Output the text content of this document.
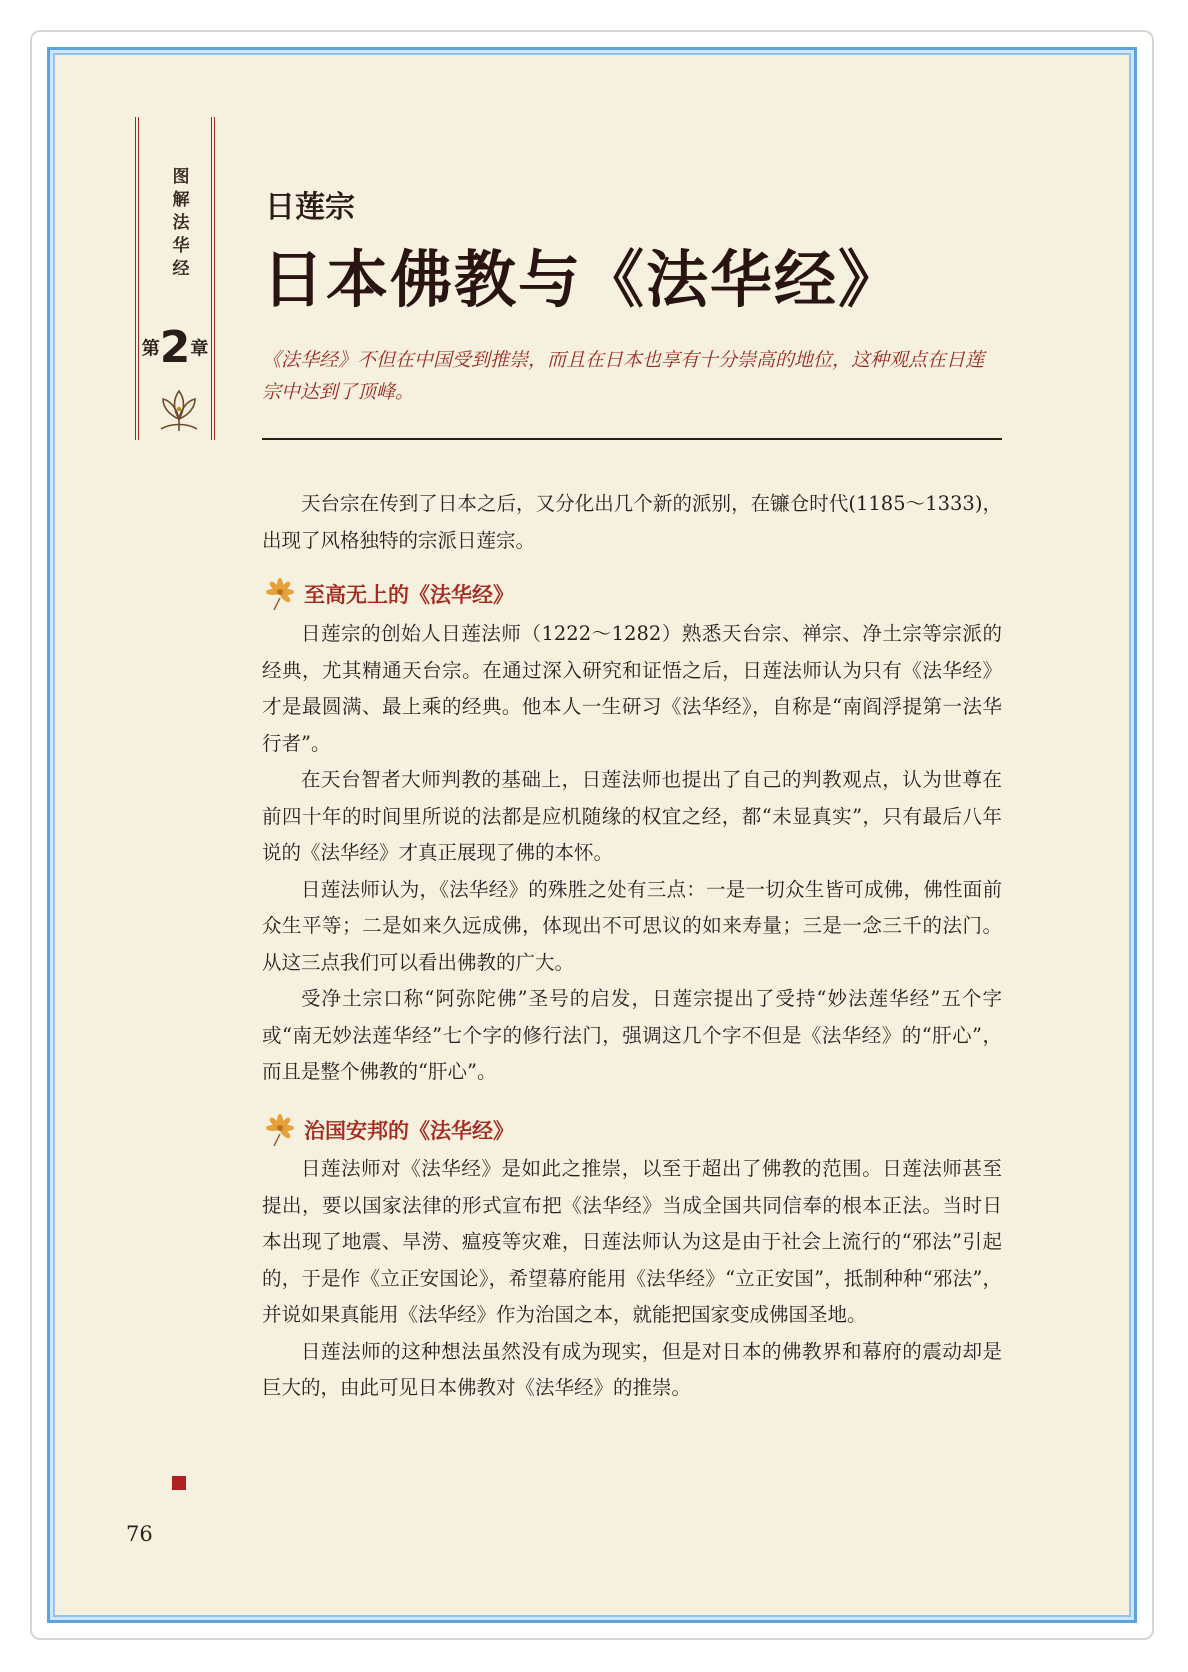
图解法华经
第2章
日莲宗
日本佛教与《法华经》
《法华经》不但在中国受到推崇，而且在日本也享有十分崇高的地位，这种观点在日莲宗中达到了顶峰。

天台宗在传到了日本之后，又分化出几个新的派别，在镰仓时代(1185～1333)，出现了风格独特的宗派日莲宗。

至高无上的《法华经》

日莲宗的创始人日莲法师（1222～1282）熟悉天台宗、禅宗、净土宗等宗派的经典，尤其精通天台宗。在通过深入研究和证悟之后，日莲法师认为只有《法华经》才是最圆满、最上乘的经典。他本人一生研习《法华经》，自称是“南阎浮提第一法华行者”。

在天台智者大师判教的基础上，日莲法师也提出了自己的判教观点，认为世尊在前四十年的时间里所说的法都是应机随缘的权宜之经，都“未显真实”，只有最后八年说的《法华经》才真正展现了佛的本怀。

日莲法师认为，《法华经》的殊胜之处有三点：一是一切众生皆可成佛，佛性面前众生平等；二是如来久远成佛，体现出不可思议的如来寿量；三是一念三千的法门。从这三点我们可以看出佛教的广大。

受净土宗口称“阿弥陀佛”圣号的启发，日莲宗提出了受持“妙法莲华经”五个字或“南无妙法莲华经”七个字的修行法门，强调这几个字不但是《法华经》的“肝心”，而且是整个佛教的“肝心”。

治国安邦的《法华经》

日莲法师对《法华经》是如此之推崇，以至于超出了佛教的范围。日莲法师甚至提出，要以国家法律的形式宣布把《法华经》当成全国共同信奉的根本正法。当时日本出现了地震、旱涝、瘟疫等灾难，日莲法师认为这是由于社会上流行的“邪法”引起的，于是作《立正安国论》，希望幕府能用《法华经》“立正安国”，抵制种种“邪法”，并说如果真能用《法华经》作为治国之本，就能把国家变成佛国圣地。

日莲法师的这种想法虽然没有成为现实，但是对日本的佛教界和幕府的震动却是巨大的，由此可见日本佛教对《法华经》的推崇。

76
